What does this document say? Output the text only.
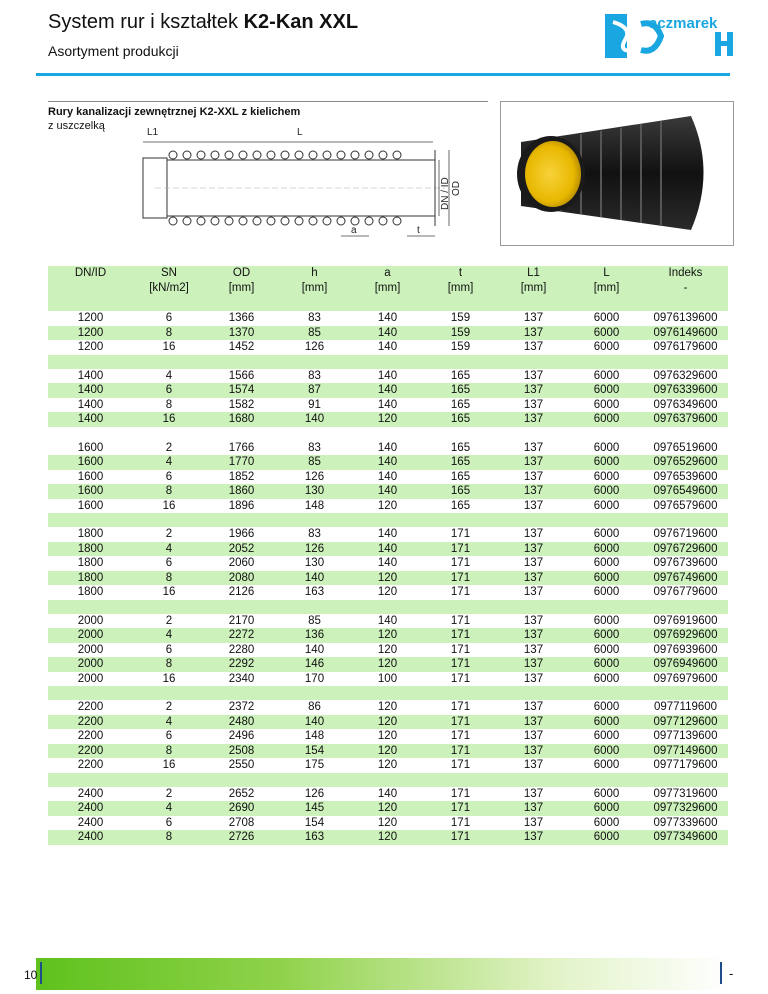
System rur i kształtek K2-Kan XXL
Asortyment produkcji
aczmarek
Rury kanalizacji zewnętrznej K2-XXL z kielichem
z uszczelką
L1	L
DN / ID OD
a	t
DN/ID	SN	OD	h	a	t	L1	L	Indeks
	[kN/m2]	[mm]	[mm]	[mm]	[mm]	[mm]	[mm]	-

1200	6	1366	83	140	159	137	6000	0976139600
1200	8	1370	85	140	159	137	6000	0976149600
1200	16	1452	126	140	159	137	6000	0976179600

1400	4	1566	83	140	165	137	6000	0976329600
1400	6	1574	87	140	165	137	6000	0976339600
1400	8	1582	91	140	165	137	6000	0976349600
1400	16	1680	140	120	165	137	6000	0976379600

1600	2	1766	83	140	165	137	6000	0976519600
1600	4	1770	85	140	165	137	6000	0976529600
1600	6	1852	126	140	165	137	6000	0976539600
1600	8	1860	130	140	165	137	6000	0976549600
1600	16	1896	148	120	165	137	6000	0976579600

1800	2	1966	83	140	171	137	6000	0976719600
1800	4	2052	126	140	171	137	6000	0976729600
1800	6	2060	130	140	171	137	6000	0976739600
1800	8	2080	140	120	171	137	6000	0976749600
1800	16	2126	163	120	171	137	6000	0976779600

2000	2	2170	85	140	171	137	6000	0976919600
2000	4	2272	136	120	171	137	6000	0976929600
2000	6	2280	140	120	171	137	6000	0976939600
2000	8	2292	146	120	171	137	6000	0976949600
2000	16	2340	170	100	171	137	6000	0976979600

2200	2	2372	86	120	171	137	6000	0977119600
2200	4	2480	140	120	171	137	6000	0977129600
2200	6	2496	148	120	171	137	6000	0977139600
2200	8	2508	154	120	171	137	6000	0977149600
2200	16	2550	175	120	171	137	6000	0977179600

2400	2	2652	126	140	171	137	6000	0977319600
2400	4	2690	145	120	171	137	6000	0977329600
2400	6	2708	154	120	171	137	6000	0977339600
2400	8	2726	163	120	171	137	6000	0977349600
10	-
